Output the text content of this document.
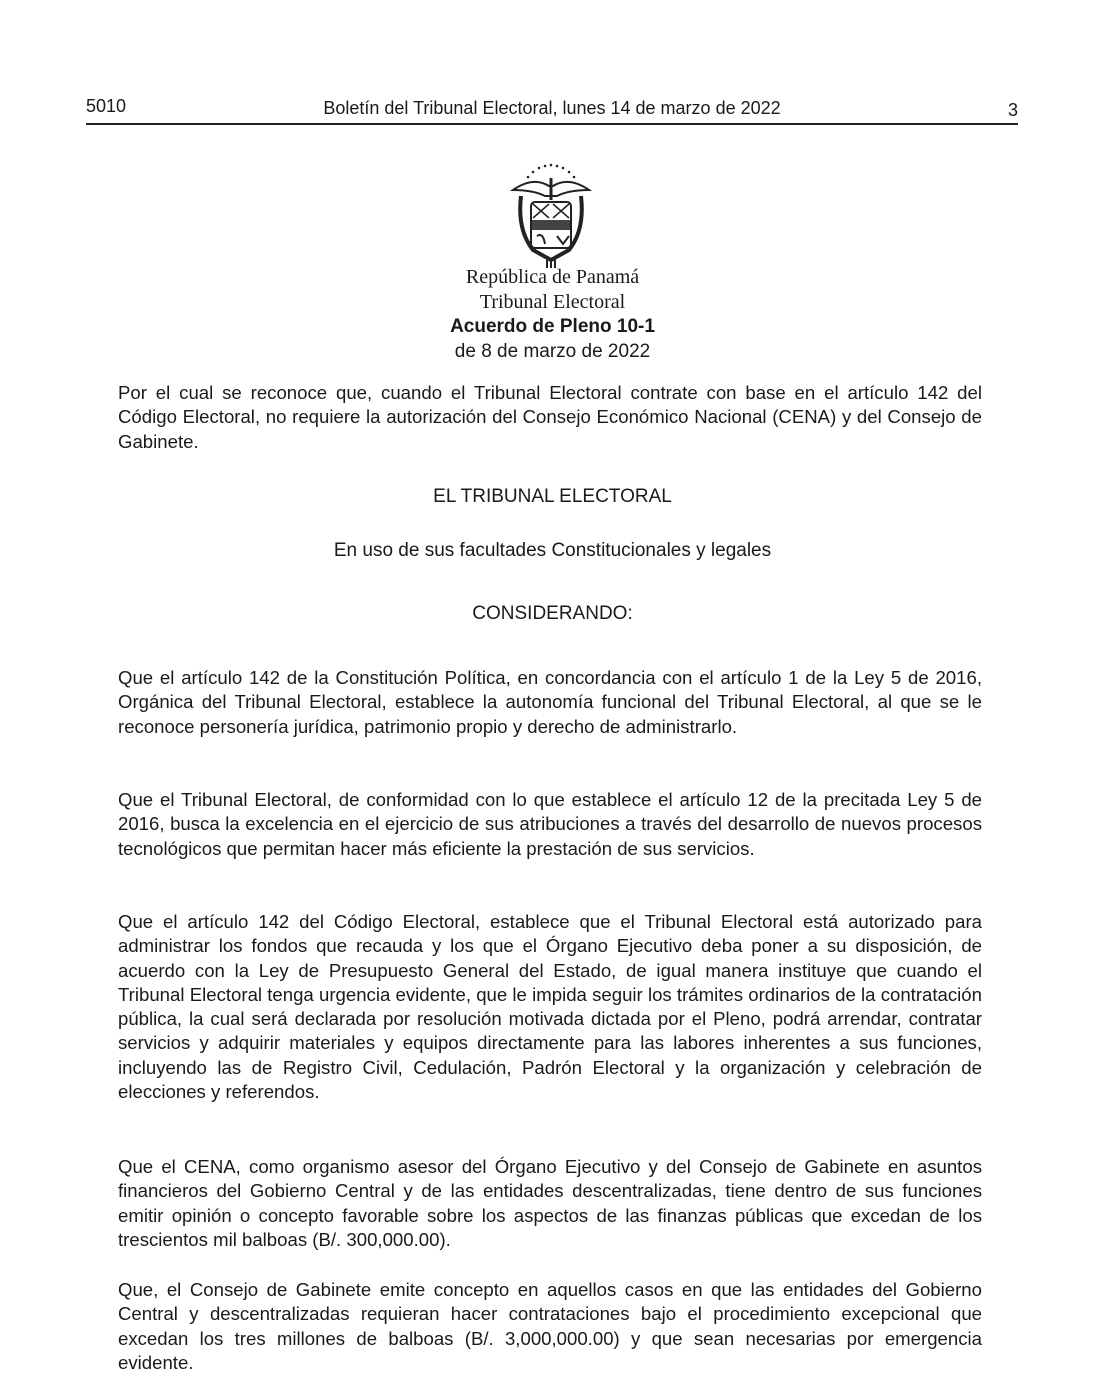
5010	Boletín del Tribunal Electoral, lunes 14 de marzo de 2022	3
República de Panamá
Tribunal Electoral
Acuerdo de Pleno 10-1
de 8 de marzo de 2022

Por el cual se reconoce que, cuando el Tribunal Electoral contrate con base en el artículo 142 del Código Electoral, no requiere la autorización del Consejo Económico Nacional (CENA) y del Consejo de Gabinete.

EL TRIBUNAL ELECTORAL
En uso de sus facultades Constitucionales y legales
CONSIDERANDO:

Que el artículo 142 de la Constitución Política, en concordancia con el artículo 1 de la Ley 5 de 2016, Orgánica del Tribunal Electoral, establece la autonomía funcional del Tribunal Electoral, al que se le reconoce personería jurídica, patrimonio propio y derecho de administrarlo.

Que el Tribunal Electoral, de conformidad con lo que establece el artículo 12 de la precitada Ley 5 de 2016, busca la excelencia en el ejercicio de sus atribuciones a través del desarrollo de nuevos procesos tecnológicos que permitan hacer más eficiente la prestación de sus servicios.

Que el artículo 142 del Código Electoral, establece que el Tribunal Electoral está autorizado para administrar los fondos que recauda y los que el Órgano Ejecutivo deba poner a su disposición, de acuerdo con la Ley de Presupuesto General del Estado, de igual manera instituye que cuando el Tribunal Electoral tenga urgencia evidente, que le impida seguir los trámites ordinarios de la contratación pública, la cual será declarada por resolución motivada dictada por el Pleno, podrá arrendar, contratar servicios y adquirir materiales y equipos directamente para las labores inherentes a sus funciones, incluyendo las de Registro Civil, Cedulación, Padrón Electoral y la organización y celebración de elecciones y referendos.

Que el CENA, como organismo asesor del Órgano Ejecutivo y del Consejo de Gabinete en asuntos financieros del Gobierno Central y de las entidades descentralizadas, tiene dentro de sus funciones emitir opinión o concepto favorable sobre los aspectos de las finanzas públicas que excedan de los trescientos mil balboas (B/. 300,000.00).

Que, el Consejo de Gabinete emite concepto en aquellos casos en que las entidades del Gobierno Central y descentralizadas requieran hacer contrataciones bajo el procedimiento excepcional que excedan los tres millones de balboas (B/. 3,000,000.00) y que sean necesarias por emergencia evidente.
